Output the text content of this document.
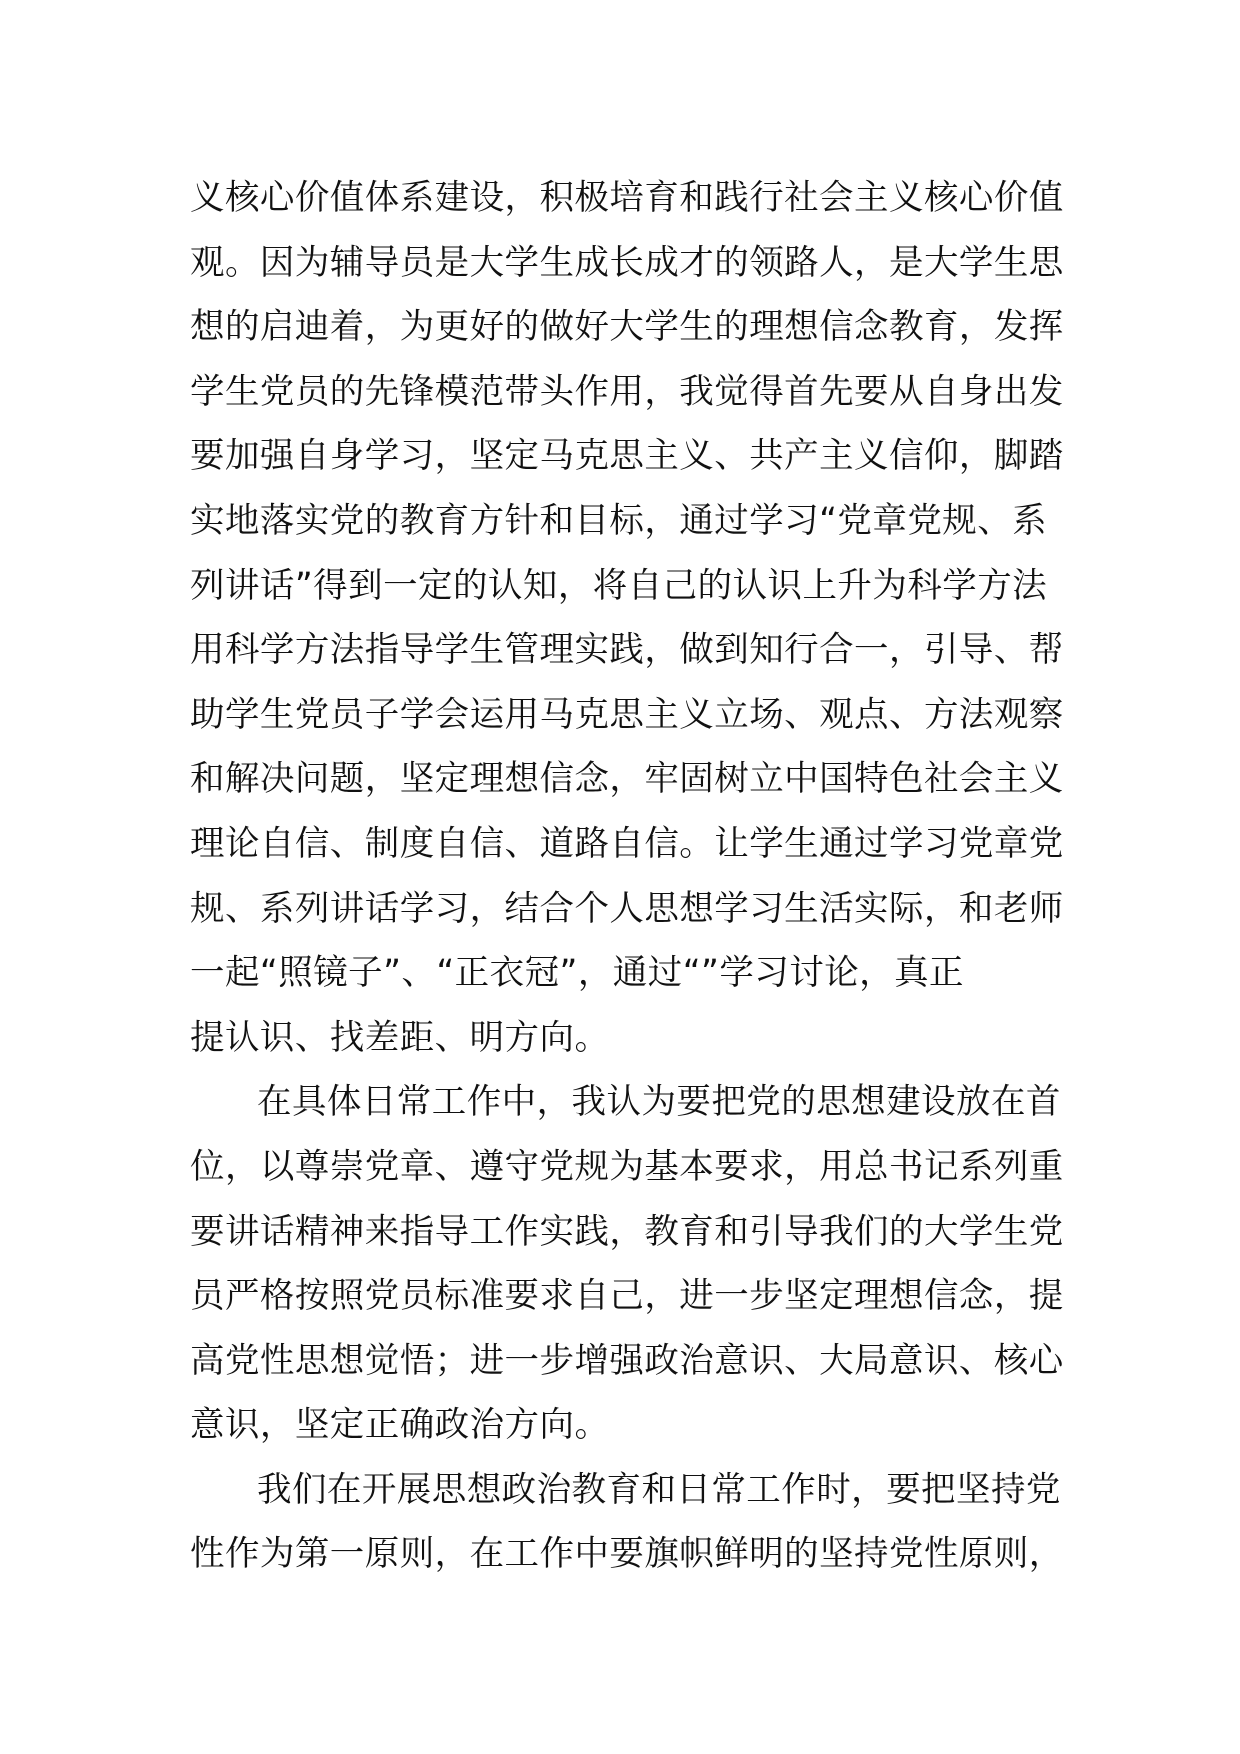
义核心价值体系建设，积极培育和践行社会主义核心价值
观。因为辅导员是大学生成长成才的领路人，是大学生思
想的启迪着，为更好的做好大学生的理想信念教育，发挥
学生党员的先锋模范带头作用，我觉得首先要从自身出发
要加强自身学习，坚定马克思主义、共产主义信仰，脚踏
实地落实党的教育方针和目标，通过学习“党章党规、系
列讲话”得到一定的认知，将自己的认识上升为科学方法
用科学方法指导学生管理实践，做到知行合一，引导、帮
助学生党员子学会运用马克思主义立场、观点、方法观察
和解决问题，坚定理想信念，牢固树立中国特色社会主义
理论自信、制度自信、道路自信。让学生通过学习党章党
规、系列讲话学习，结合个人思想学习生活实际，和老师
一起“照镜子”、“正衣冠”，通过“”学习讨论，真正
提认识、找差距、明方向。
在具体日常工作中，我认为要把党的思想建设放在首
位，以尊崇党章、遵守党规为基本要求，用总书记系列重
要讲话精神来指导工作实践，教育和引导我们的大学生党
员严格按照党员标准要求自己，进一步坚定理想信念，提
高党性思想觉悟；进一步增强政治意识、大局意识、核心
意识，坚定正确政治方向。
我们在开展思想政治教育和日常工作时，要把坚持党
性作为第一原则，在工作中要旗帜鲜明的坚持党性原则，
